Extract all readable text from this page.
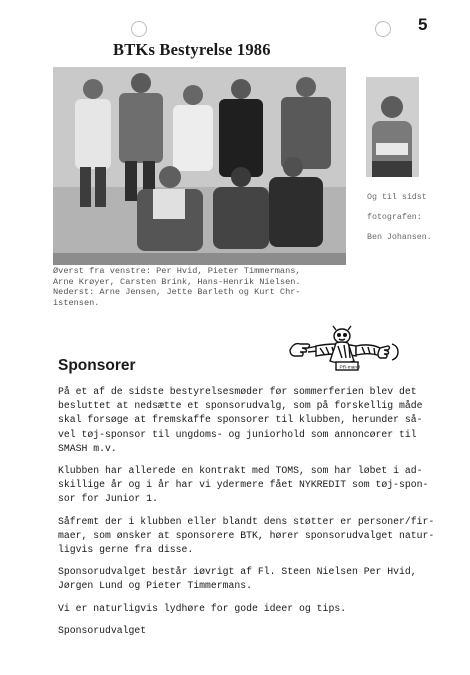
5
BTKs Bestyrelse 1986

Og til sidst

fotografen:

Ben Johansen.

Øverst fra venstre: Per Hvid, Pieter Timmermans,
Arne Krøyer, Carsten Brink, Hans-Henrik Nielsen.
Nederst: Arne Jensen, Jette Barleth og Kurt Chr-
istensen.
PR-mand
Sponsorer

På et af de sidste bestyrelsesmøder før sommerferien blev det
besluttet at nedsætte et sponsorudvalg, som på forskellig måde
skal forsøge at fremskaffe sponsorer til klubben, herunder så-
vel tøj-sponsor til ungdoms- og juniorhold som annoncører til
SMASH m.v.

Klubben har allerede en kontrakt med TOMS, som har løbet i ad-
skillige år og i år har vi ydermere fået NYKREDIT som tøj-spon-
sor for Junior 1.

Såfremt der i klubben eller blandt dens støtter er personer/fir-
maer, som ønsker at sponsorere BTK, hører sponsorudvalget natur-
ligvis gerne fra disse.

Sponsorudvalget består iøvrigt af Fl. Steen Nielsen Per Hvid,
Jørgen Lund og Pieter Timmermans.

Vi er naturligvis lydhøre for gode ideer og tips.

Sponsorudvalget
